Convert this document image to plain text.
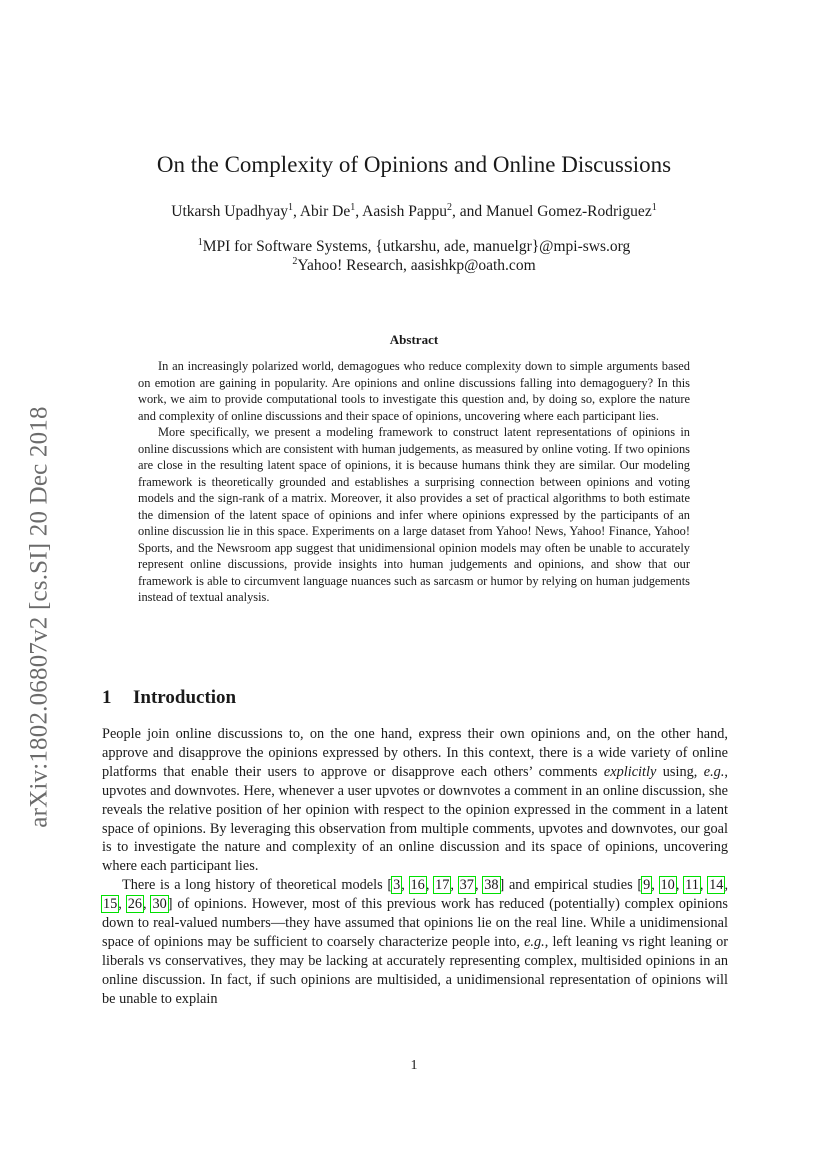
arXiv:1802.06807v2 [cs.SI] 20 Dec 2018
On the Complexity of Opinions and Online Discussions
Utkarsh Upadhyay$^1$, Abir De$^1$, Aasish Pappu$^2$, and Manuel Gomez-Rodriguez$^1$
$^1$MPI for Software Systems, {utkarshu, ade, manuelgr}@mpi-sws.org
$^2$Yahoo! Research, aasishkp@oath.com
Abstract

In an increasingly polarized world, demagogues who reduce complexity down to simple arguments based on emotion are gaining in popularity. Are opinions and online discussions falling into demagoguery? In this work, we aim to provide computational tools to investigate this question and, by doing so, explore the nature and complexity of online discussions and their space of opinions, uncovering where each participant lies.

More specifically, we present a modeling framework to construct latent representations of opinions in online discussions which are consistent with human judgements, as measured by online voting. If two opinions are close in the resulting latent space of opinions, it is because humans think they are similar. Our modeling framework is theoretically grounded and establishes a surprising connection between opinions and voting models and the sign-rank of a matrix. Moreover, it also provides a set of practical algorithms to both estimate the dimension of the latent space of opinions and infer where opinions expressed by the participants of an online discussion lie in this space. Experiments on a large dataset from Yahoo! News, Yahoo! Finance, Yahoo! Sports, and the Newsroom app suggest that unidimensional opinion models may often be unable to accurately represent online discussions, provide insights into human judgements and opinions, and show that our framework is able to circumvent language nuances such as sarcasm or humor by relying on human judgements instead of textual analysis.

1 Introduction

People join online discussions to, on the one hand, express their own opinions and, on the other hand, approve and disapprove the opinions expressed by others. In this context, there is a wide variety of online platforms that enable their users to approve or disapprove each others’ comments explicitly using, e.g., upvotes and downvotes. Here, whenever a user upvotes or downvotes a comment in an online discussion, she reveals the relative position of her opinion with respect to the opinion expressed in the comment in a latent space of opinions. By leveraging this observation from multiple comments, upvotes and downvotes, our goal is to investigate the nature and complexity of an online discussion and its space of opinions, uncovering where each participant lies.

There is a long history of theoretical models [3, 16, 17, 37, 38] and empirical studies [9, 10, 11, 14, 15, 26, 30] of opinions. However, most of this previous work has reduced (potentially) complex opinions down to real-valued numbers—they have assumed that opinions lie on the real line. While a unidimensional space of opinions may be sufficient to coarsely characterize people into, e.g., left leaning vs right leaning or liberals vs conservatives, they may be lacking at accurately representing complex, multisided opinions in an online discussion. In fact, if such opinions are multisided, a unidimensional representation of opinions will be unable to explain

1
